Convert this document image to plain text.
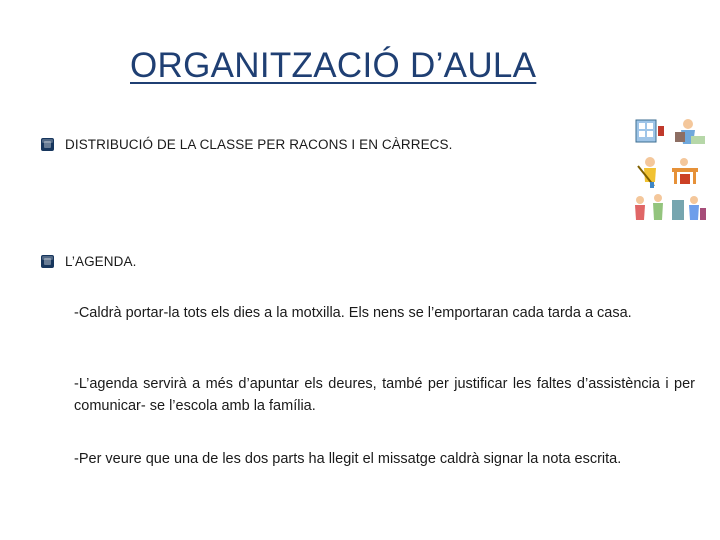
ORGANITZACIÓ D’AULA
DISTRIBUCIÓ DE LA CLASSE PER RACONS I EN CÀRRECS.
L’AGENDA.

-Caldrà portar-la tots els dies a la motxilla. Els nens se l’emportaran cada tarda a casa.

-L’agenda servirà a més d’apuntar els deures, també per justificar les faltes d’assistència i per comunicar- se l’escola amb la família.

-Per veure que una de les dos parts ha llegit el missatge caldrà signar la nota escrita.
